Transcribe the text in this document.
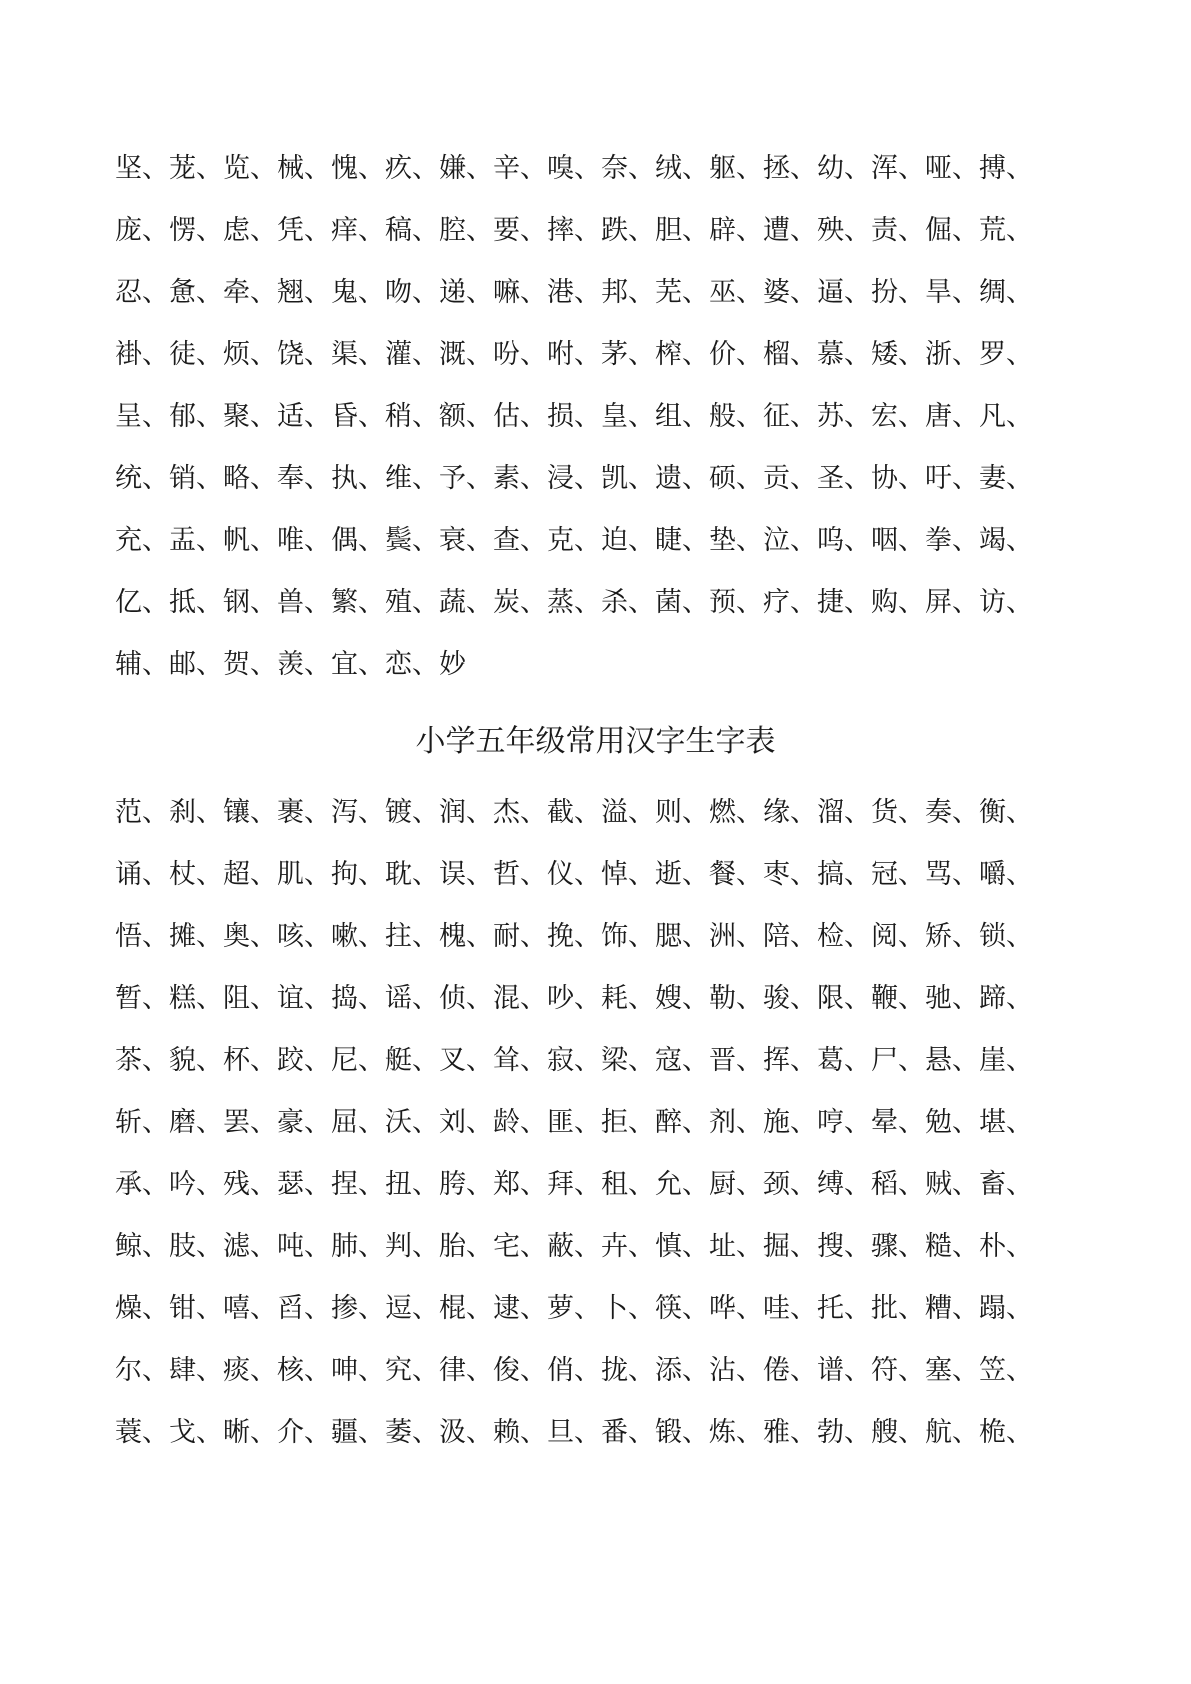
坚、茏、览、械、愧、疚、嫌、辛、嗅、奈、绒、躯、拯、幼、浑、哑、搏、
庞、愣、虑、凭、痒、稿、腔、要、摔、跌、胆、辟、遭、殃、责、倔、荒、
忍、惫、牵、翘、鬼、吻、递、嘛、港、邦、芜、巫、婆、逼、扮、旱、绸、
褂、徒、烦、饶、渠、灌、溉、吩、咐、茅、榨、价、榴、慕、矮、浙、罗、
呈、郁、聚、适、昏、稍、额、估、损、皇、组、般、征、苏、宏、唐、凡、
统、销、略、奉、执、维、予、素、浸、凯、遗、硕、贡、圣、协、吁、妻、
充、盂、帆、唯、偶、鬓、衰、查、克、迫、睫、垫、泣、呜、咽、拳、竭、
亿、抵、钢、兽、繁、殖、蔬、炭、蒸、杀、菌、预、疗、捷、购、屏、访、
辅、邮、贺、羡、宜、恋、妙
小学五年级常用汉字生字表
范、刹、镶、裹、泻、镀、润、杰、截、溢、则、燃、缘、溜、货、奏、衡、
诵、杖、超、肌、拘、耽、误、哲、仪、悼、逝、餐、枣、搞、冠、骂、嚼、
悟、摊、奥、咳、嗽、拄、槐、耐、挽、饰、腮、洲、陪、检、阅、矫、锁、
暂、糕、阻、谊、捣、谣、侦、混、吵、耗、嫂、勒、骏、限、鞭、驰、蹄、
茶、貌、杯、跤、尼、艇、叉、耸、寂、梁、寇、晋、挥、葛、尸、悬、崖、
斩、磨、罢、豪、屈、沃、刘、龄、匪、拒、醉、剂、施、哼、晕、勉、堪、
承、吟、残、瑟、捏、扭、胯、郑、拜、租、允、厨、颈、缚、稻、贼、畜、
鲸、肢、滤、吨、肺、判、胎、宅、蔽、卉、慎、址、掘、搜、骤、糙、朴、
燥、钳、嘻、舀、掺、逗、棍、逮、萝、卜、筷、哗、哇、托、批、糟、蹋、
尔、肆、痰、核、呻、究、律、俊、俏、拢、添、沾、倦、谱、符、塞、笠、
蓑、戈、晰、介、疆、萎、汲、赖、旦、番、锻、炼、雅、勃、艘、航、桅、
